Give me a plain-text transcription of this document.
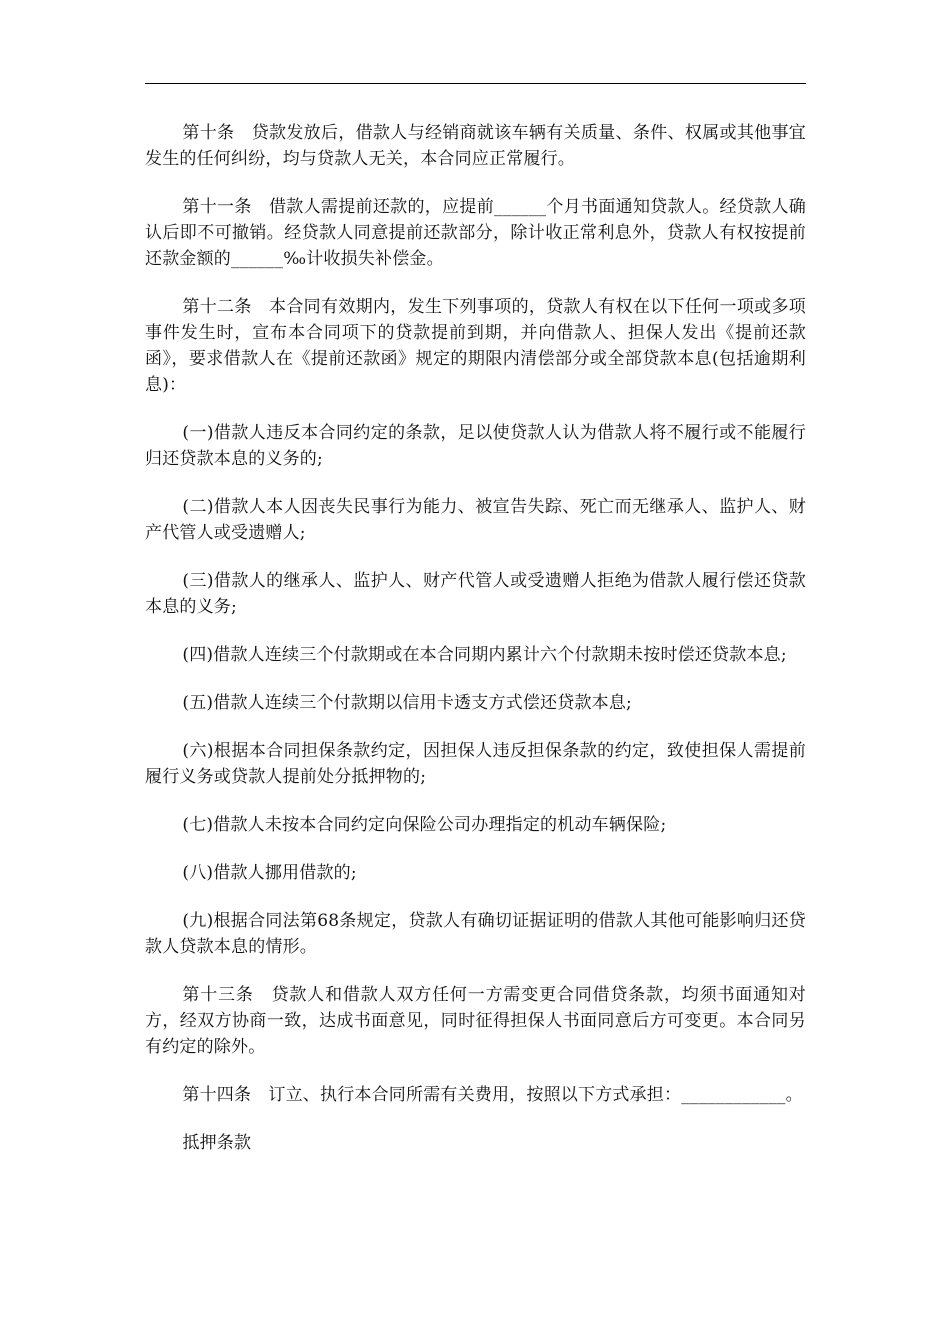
第十条　贷款发放后，借款人与经销商就该车辆有关质量、条件、权属或其他事宜发生的任何纠纷，均与贷款人无关，本合同应正常履行。

第十一条　借款人需提前还款的，应提前______个月书面通知贷款人。经贷款人确认后即不可撤销。经贷款人同意提前还款部分，除计收正常利息外，贷款人有权按提前还款金额的______‰计收损失补偿金。

第十二条　本合同有效期内，发生下列事项的，贷款人有权在以下任何一项或多项事件发生时，宣布本合同项下的贷款提前到期，并向借款人、担保人发出《提前还款函》，要求借款人在《提前还款函》规定的期限内清偿部分或全部贷款本息(包括逾期利息)：

(一)借款人违反本合同约定的条款，足以使贷款人认为借款人将不履行或不能履行归还贷款本息的义务的;

(二)借款人本人因丧失民事行为能力、被宣告失踪、死亡而无继承人、监护人、财产代管人或受遗赠人;

(三)借款人的继承人、监护人、财产代管人或受遗赠人拒绝为借款人履行偿还贷款本息的义务;

(四)借款人连续三个付款期或在本合同期内累计六个付款期未按时偿还贷款本息;

(五)借款人连续三个付款期以信用卡透支方式偿还贷款本息;

(六)根据本合同担保条款约定，因担保人违反担保条款的约定，致使担保人需提前履行义务或贷款人提前处分抵押物的;

(七)借款人未按本合同约定向保险公司办理指定的机动车辆保险;

(八)借款人挪用借款的;

(九)根据合同法第68条规定，贷款人有确切证据证明的借款人其他可能影响归还贷款人贷款本息的情形。

第十三条　贷款人和借款人双方任何一方需变更合同借贷条款，均须书面通知对方，经双方协商一致，达成书面意见，同时征得担保人书面同意后方可变更。本合同另有约定的除外。

第十四条　订立、执行本合同所需有关费用，按照以下方式承担：____________。

抵押条款
